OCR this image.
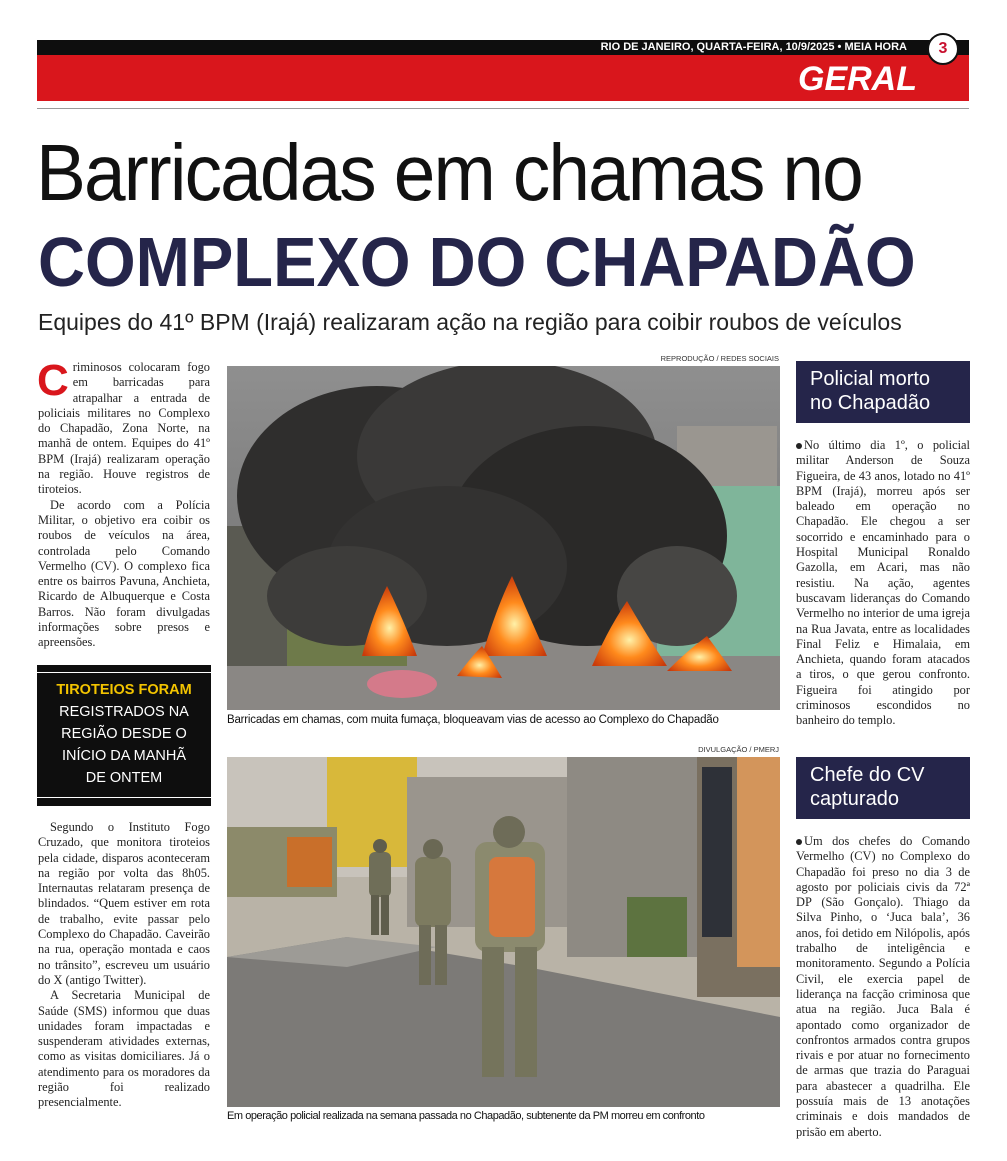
RIO DE JANEIRO, QUARTA-FEIRA, 10/9/2025 • MEIA HORA	3
GERAL
Barricadas em chamas no
COMPLEXO DO CHAPADÃO
Equipes do 41º BPM (Irajá) realizaram ação na região para coibir roubos de veículos

Criminosos colocaram fogo em barricadas para atrapalhar a entrada de policiais militares no Complexo do Chapadão, Zona Norte, na manhã de ontem. Equipes do 41º BPM (Irajá) realizaram operação na região. Houve registros de tiroteios.

De acordo com a Polícia Militar, o objetivo era coibir os roubos de veículos na área, controlada pelo Comando Vermelho (CV). O complexo fica entre os bairros Pavuna, Anchieta, Ricardo de Albuquerque e Costa Barros. Não foram divulgadas informações sobre presos e apreensões.

TIROTEIOS FORAM
REGISTRADOS NA REGIÃO DESDE O INÍCIO DA MANHÃ DE ONTEM

Segundo o Instituto Fogo Cruzado, que monitora tiroteios pela cidade, disparos aconteceram na região por volta das 8h05. Internautas relataram presença de blindados. “Quem estiver em rota de trabalho, evite passar pelo Complexo do Chapadão. Caveirão na rua, operação montada e caos no trânsito”, escreveu um usuário do X (antigo Twitter).

A Secretaria Municipal de Saúde (SMS) informou que duas unidades foram impactadas e suspenderam atividades externas, como as visitas domiciliares. Já o atendimento para os moradores da região foi realizado presencialmente.

REPRODUÇÃO / REDES SOCIAIS
Barricadas em chamas, com muita fumaça, bloqueavam vias de acesso ao Complexo do Chapadão
DIVULGAÇÃO / PMERJ
Em operação policial realizada na semana passada no Chapadão, subtenente da PM morreu em confronto
Policial morto no Chapadão

No último dia 1º, o policial militar Anderson de Souza Figueira, de 43 anos, lotado no 41º BPM (Irajá), morreu após ser baleado em operação no Chapadão. Ele chegou a ser socorrido e encaminhado para o Hospital Municipal Ronaldo Gazolla, em Acari, mas não resistiu. Na ação, agentes buscavam lideranças do Comando Vermelho no interior de uma igreja na Rua Javata, entre as localidades Final Feliz e Himalaia, em Anchieta, quando foram atacados a tiros, o que gerou confronto. Figueira foi atingido por criminosos escondidos no banheiro do templo.

Chefe do CV capturado

Um dos chefes do Comando Vermelho (CV) no Complexo do Chapadão foi preso no dia 3 de agosto por policiais civis da 72ª DP (São Gonçalo). Thiago da Silva Pinho, o ‘Juca bala’, 36 anos, foi detido em Nilópolis, após trabalho de inteligência e monitoramento. Segundo a Polícia Civil, ele exercia papel de liderança na facção criminosa que atua na região. Juca Bala é apontado como organizador de confrontos armados contra grupos rivais e por atuar no fornecimento de armas que trazia do Paraguai para abastecer a quadrilha. Ele possuía mais de 13 anotações criminais e dois mandados de prisão em aberto.
